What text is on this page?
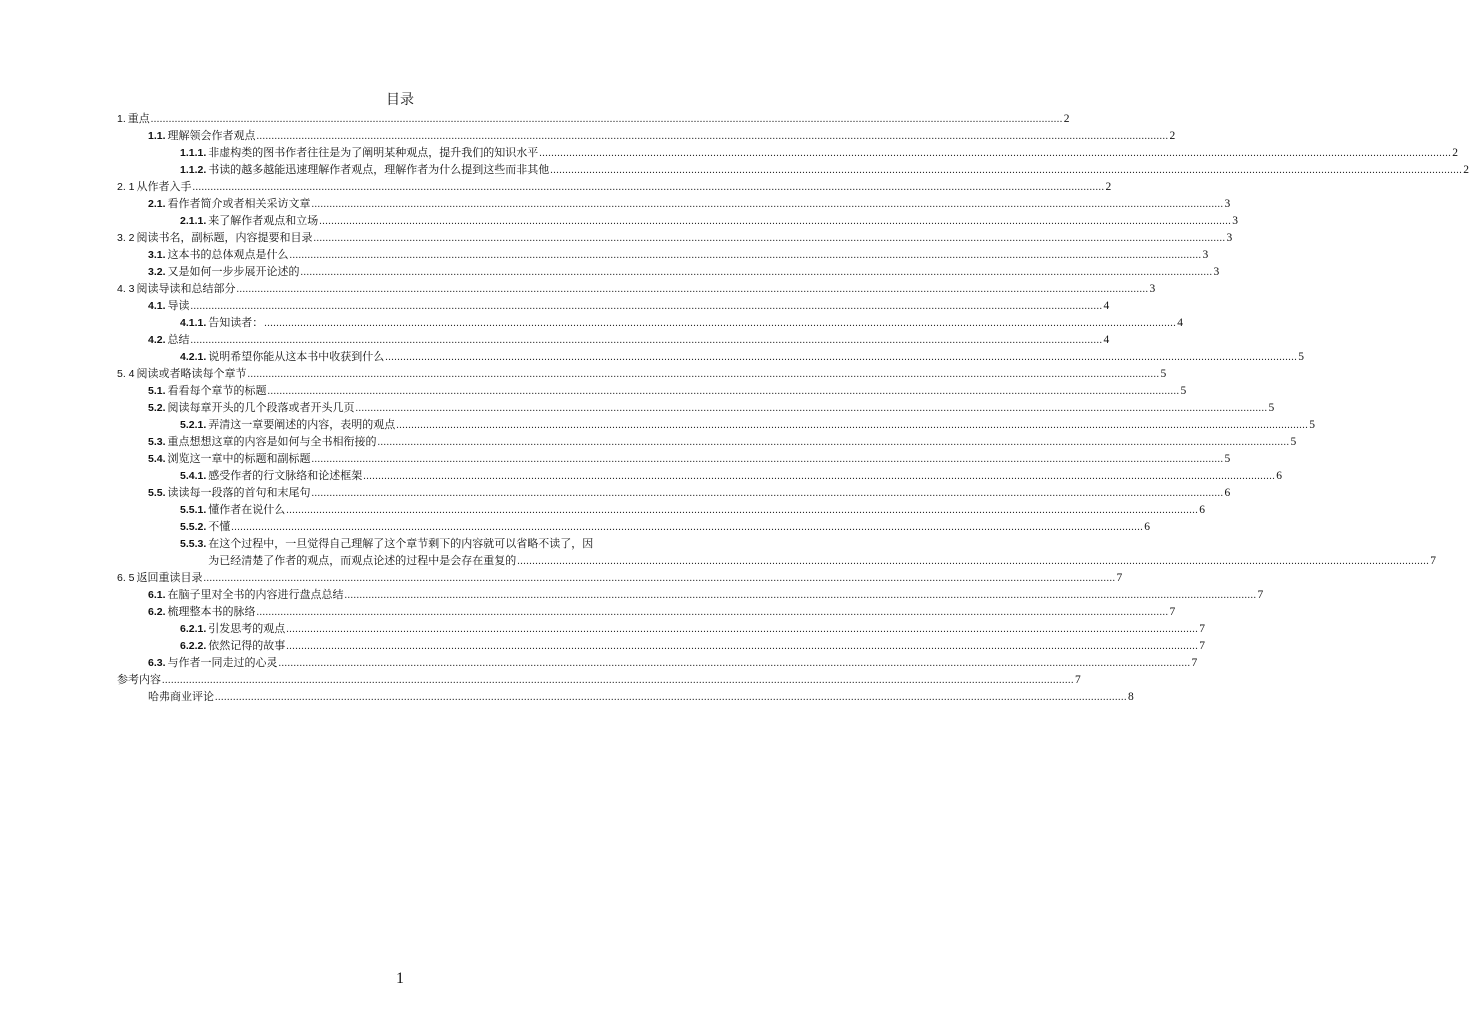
目录
1. 重点 .....	2
1.1. 理解领会作者观点 .....	2
1.1.1. 非虚构类的图书作者往往是为了阐明某种观点，提升我们的知识水平 .....	2
1.1.2. 书读的越多越能迅速理解作者观点，理解作者为什么提到这些而非其他 .....	2
2. 1 从作者入手 .....	2
2.1. 看作者简介或者相关采访文章 .....	3
2.1.1. 来了解作者观点和立场 .....	3
3. 2 阅读书名，副标题，内容提要和目录 .....	3
3.1. 这本书的总体观点是什么 .....	3
3.2. 又是如何一步步展开论述的 .....	3
4. 3 阅读导读和总结部分 .....	3
4.1. 导读 .....	4
4.1.1. 告知读者： .....	4
4.2. 总结 .....	4
4.2.1. 说明希望你能从这本书中收获到什么 .....	5
5. 4 阅读或者略读每个章节 .....	5
5.1. 看看每个章节的标题 .....	5
5.2. 阅读每章开头的几个段落或者开头几页 .....	5
5.2.1. 弄清这一章要阐述的内容，表明的观点 .....	5
5.3. 重点想想这章的内容是如何与全书相衔接的 .....	5
5.4. 浏览这一章中的标题和副标题 .....	5
5.4.1. 感受作者的行文脉络和论述框架 .....	6
5.5. 读读每一段落的首句和末尾句 .....	6
5.5.1. 懂作者在说什么 .....	6
5.5.2. 不懂 .....	6
5.5.3. 在这个过程中，一旦觉得自己理解了这个章节剩下的内容就可以省略不读了，因
为已经清楚了作者的观点，而观点论述的过程中是会存在重复的 .....	7
6. 5 返回重读目录 .....	7
6.1. 在脑子里对全书的内容进行盘点总结 .....	7
6.2. 梳理整本书的脉络 .....	7
6.2.1. 引发思考的观点 .....	7
6.2.2. 依然记得的故事 .....	7
6.3. 与作者一同走过的心灵 .....	7
参考内容 .....	7
哈弗商业评论 .....	8
1
